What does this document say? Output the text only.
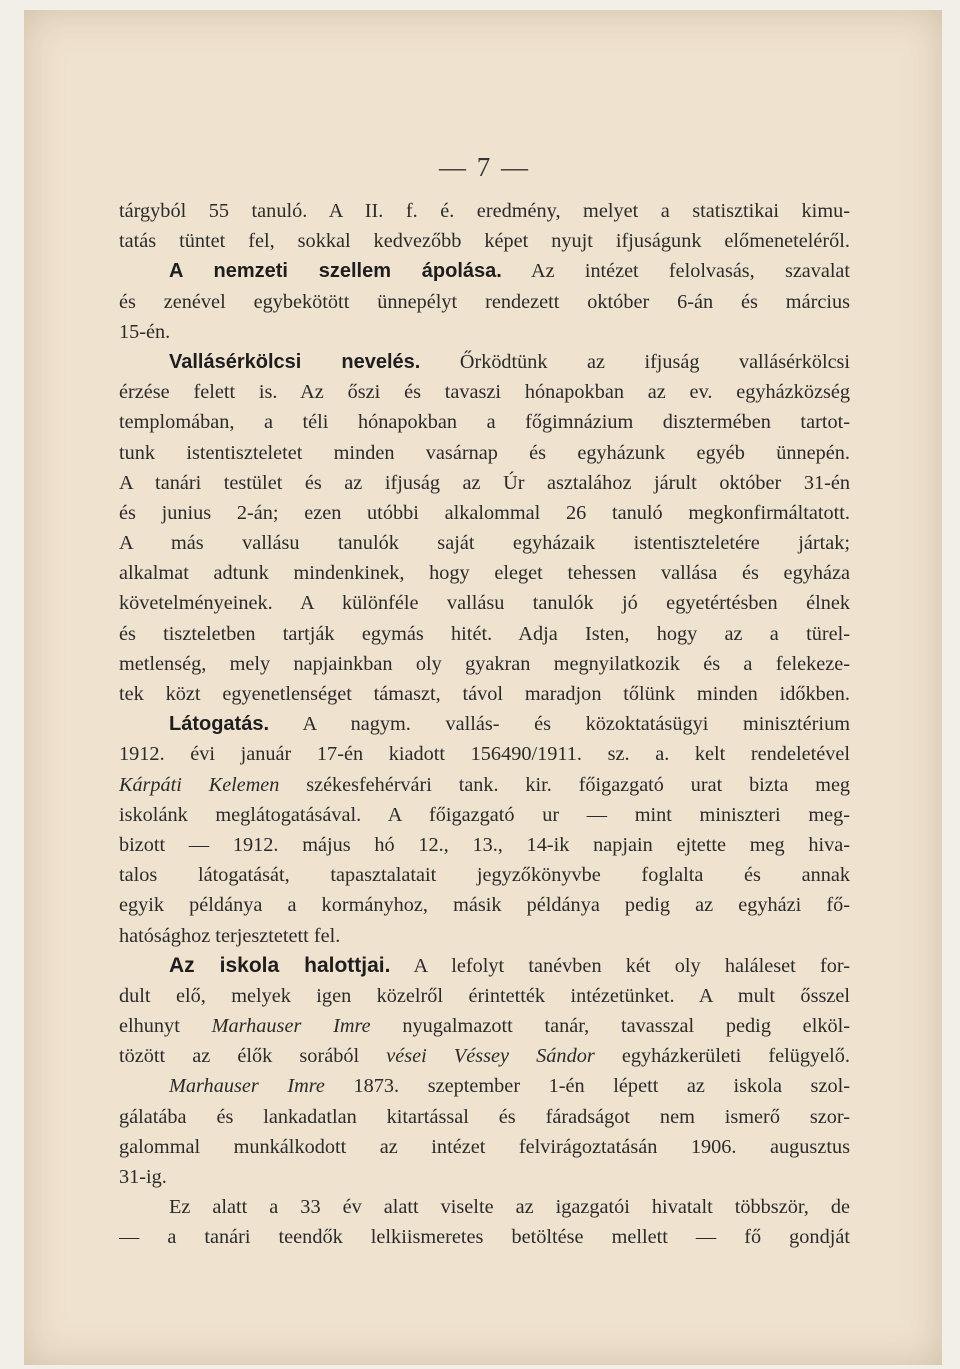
— 7 —
tárgyból 55 tanuló. A II. f. é. eredmény, melyet a statisztikai kimu-
tatás tüntet fel, sokkal kedvezőbb képet nyujt ifjuságunk előmeneteléről.
A nemzeti szellem ápolása. Az intézet felolvasás, szavalat
és zenével egybekötött ünnepélyt rendezett október 6-án és március
15-én.
Vallásérkölcsi nevelés. Őrködtünk az ifjuság vallásérkölcsi
érzése felett is. Az őszi és tavaszi hónapokban az ev. egyházközség
templomában, a téli hónapokban a főgimnázium disztermében tartot-
tunk istentiszteletet minden vasárnap és egyházunk egyéb ünnepén.
A tanári testület és az ifjuság az Úr asztalához járult október 31-én
és junius 2-án; ezen utóbbi alkalommal 26 tanuló megkonfirmáltatott.
A más vallásu tanulók saját egyházaik istentiszteletére jártak;
alkalmat adtunk mindenkinek, hogy eleget tehessen vallása és egyháza
követelményeinek. A különféle vallásu tanulók jó egyetértésben élnek
és tiszteletben tartják egymás hitét. Adja Isten, hogy az a türel-
metlenség, mely napjainkban oly gyakran megnyilatkozik és a felekeze-
tek közt egyenetlenséget támaszt, távol maradjon tőlünk minden időkben.
Látogatás. A nagym. vallás- és közoktatásügyi minisztérium
1912. évi január 17-én kiadott 156490/1911. sz. a. kelt rendeletével
Kárpáti Kelemen székesfehérvári tank. kir. főigazgató urat bizta meg
iskolánk meglátogatásával. A főigazgató ur — mint miniszteri meg-
bizott — 1912. május hó 12., 13., 14-ik napjain ejtette meg hiva-
talos látogatását, tapasztalatait jegyzőkönyvbe foglalta és annak
egyik példánya a kormányhoz, másik példánya pedig az egyházi fő-
hatósághoz terjesztetett fel.
Az iskola halottjai. A lefolyt tanévben két oly haláleset for-
dult elő, melyek igen közelről érintették intézetünket. A mult ősszel
elhunyt Marhauser Imre nyugalmazott tanár, tavasszal pedig elköl-
tözött az élők sorából vései Véssey Sándor egyházkerületi felügyelő.
Marhauser Imre 1873. szeptember 1-én lépett az iskola szol-
gálatába és lankadatlan kitartással és fáradságot nem ismerő szor-
galommal munkálkodott az intézet felvirágoztatásán 1906. augusztus
31-ig.
Ez alatt a 33 év alatt viselte az igazgatói hivatalt többször, de
— a tanári teendők lelkiismeretes betöltése mellett — fő gondját
